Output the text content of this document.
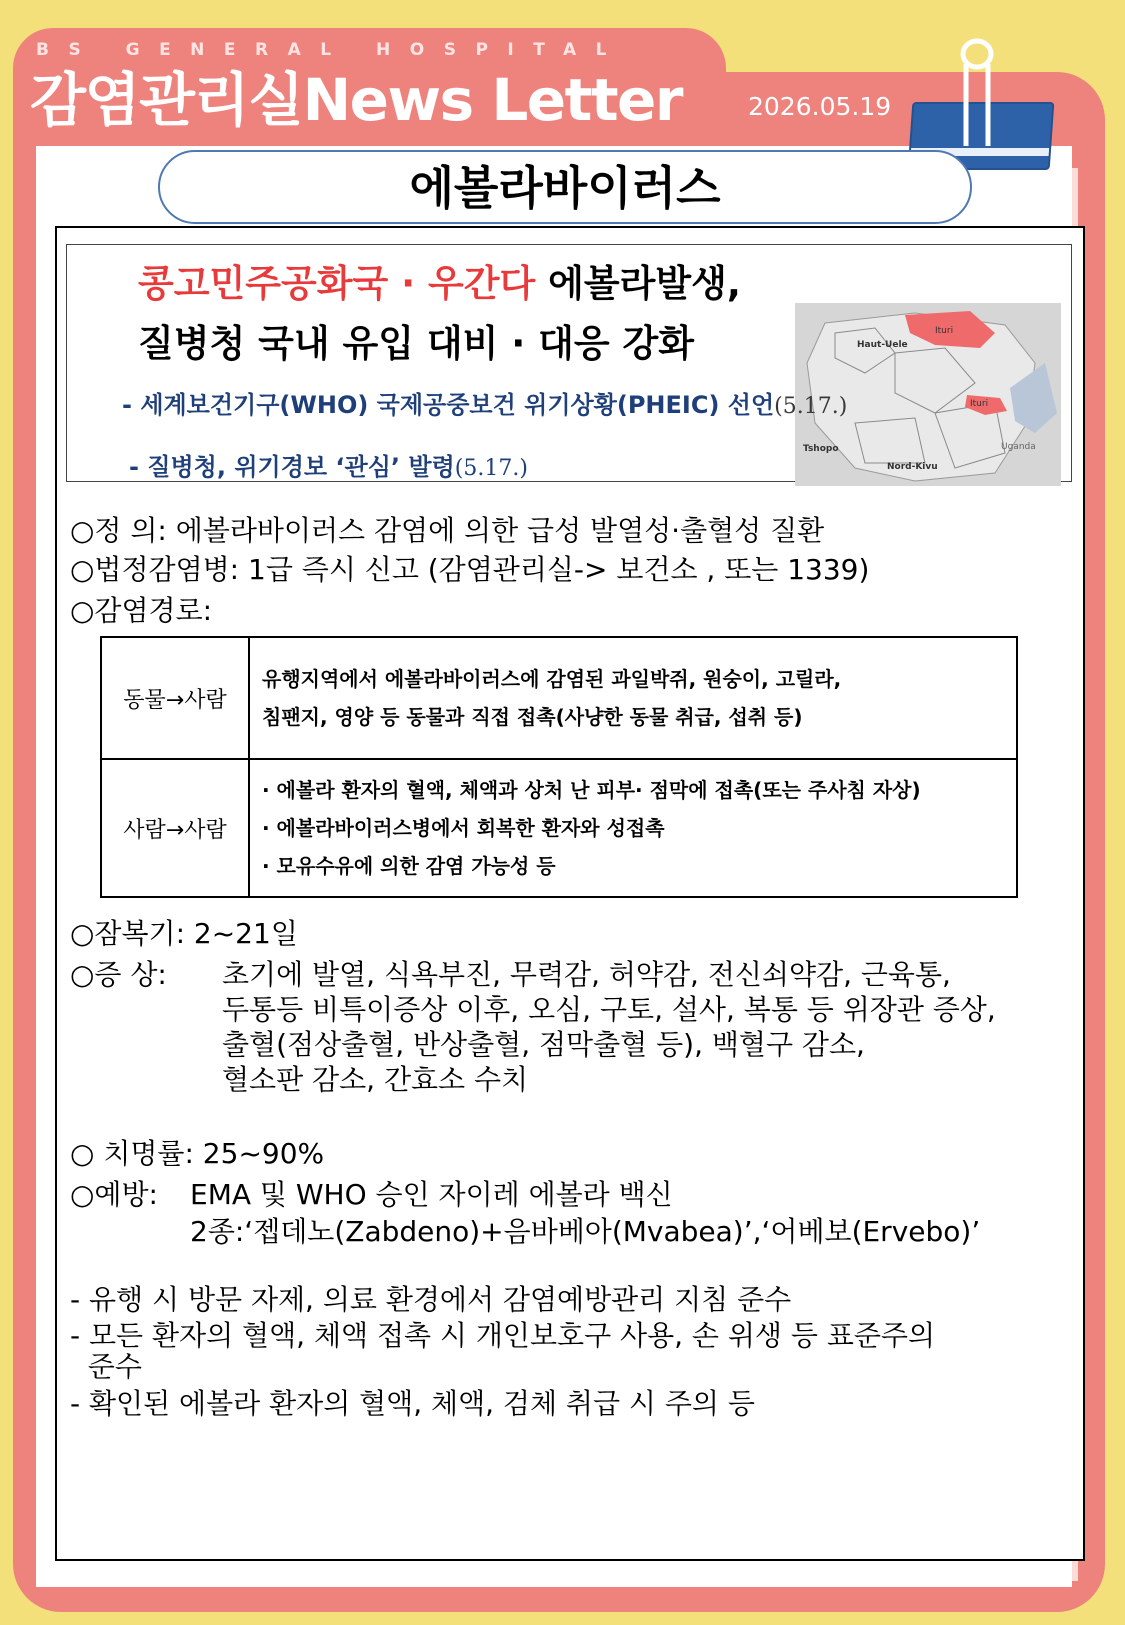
BS GENERAL HOSPITAL

감염관리실News Letter	2026.05.19

에볼라바이러스
Haut-Uele
Ituri
Ituri
Tshopo
Nord-Kivu
Uganda

콩고민주공화국 · 우간다 에볼라발생,

질병청 국내 유입 대비 · 대응 강화

- 세계보건기구(WHO) 국제공중보건 위기상황(PHEIC) 선언(5.17.)

- 질병청, 위기경보 ‘관심’ 발령(5.17.)

○정 의: 에볼라바이러스 감염에 의한 급성 발열성·출혈성 질환

○법정감염병: 1급 즉시 신고 (감염관리실-> 보건소 , 또는 1339)

○감염경로:

동물→사람	유행지역에서 에볼라바이러스에 감염된 과일박쥐, 원숭이, 고릴라,
침팬지, 영양 등 동물과 직접 접촉(사냥한 동물 취급, 섭취 등)

사람→사람	· 에볼라 환자의 혈액, 체액과 상처 난 피부· 점막에 접촉(또는 주사침 자상)
· 에볼라바이러스병에서 회복한 환자와 성접촉
· 모유수유에 의한 감염 가능성 등

○잠복기: 2~21일

○증 상: 초기에 발열, 식욕부진, 무력감, 허약감, 전신쇠약감, 근육통,

두통등 비특이증상 이후, 오심, 구토, 설사, 복통 등 위장관 증상,

출혈(점상출혈, 반상출혈, 점막출혈 등), 백혈구 감소,

혈소판 감소, 간효소 수치

○ 치명률: 25~90%

○예방: EMA 및 WHO 승인 자이레 에볼라 백신

2종:‘젭데노(Zabdeno)+음바베아(Mvabea)’,‘어베보(Ervebo)’

- 유행 시 방문 자제, 의료 환경에서 감염예방관리 지침 준수

- 모든 환자의 혈액, 체액 접촉 시 개인보호구 사용, 손 위생 등 표준주의

준수

- 확인된 에볼라 환자의 혈액, 체액, 검체 취급 시 주의 등
